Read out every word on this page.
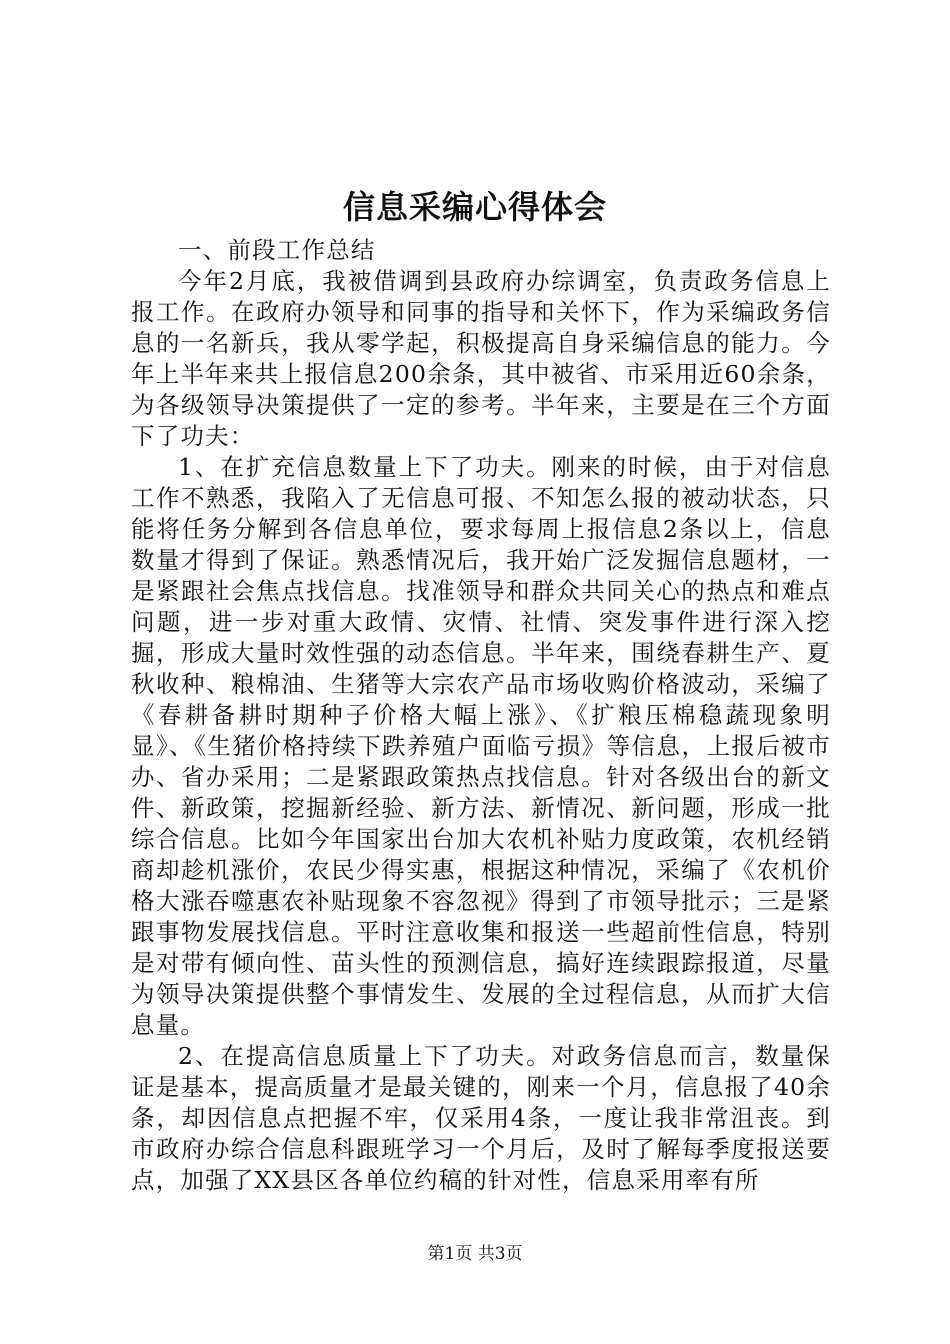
信息采编心得体会

一、前段工作总结

今年2月底，我被借调到县政府办综调室，负责政务信息上报工作。在政府办领导和同事的指导和关怀下，作为采编政务信息的一名新兵，我从零学起，积极提高自身采编信息的能力。今年上半年来共上报信息200余条，其中被省、市采用近60余条，为各级领导决策提供了一定的参考。半年来，主要是在三个方面下了功夫：

1、在扩充信息数量上下了功夫。刚来的时候，由于对信息工作不熟悉，我陷入了无信息可报、不知怎么报的被动状态，只能将任务分解到各信息单位，要求每周上报信息2条以上，信息数量才得到了保证。熟悉情况后，我开始广泛发掘信息题材，一是紧跟社会焦点找信息。找准领导和群众共同关心的热点和难点问题，进一步对重大政情、灾情、社情、突发事件进行深入挖掘，形成大量时效性强的动态信息。半年来，围绕春耕生产、夏秋收种、粮棉油、生猪等大宗农产品市场收购价格波动，采编了《春耕备耕时期种子价格大幅上涨》、《扩粮压棉稳蔬现象明显》、《生猪价格持续下跌养殖户面临亏损》等信息，上报后被市办、省办采用；二是紧跟政策热点找信息。针对各级出台的新文件、新政策，挖掘新经验、新方法、新情况、新问题，形成一批综合信息。比如今年国家出台加大农机补贴力度政策，农机经销商却趁机涨价，农民少得实惠，根据这种情况，采编了《农机价格大涨吞噬惠农补贴现象不容忽视》得到了市领导批示；三是紧跟事物发展找信息。平时注意收集和报送一些超前性信息，特别是对带有倾向性、苗头性的预测信息，搞好连续跟踪报道，尽量为领导决策提供整个事情发生、发展的全过程信息，从而扩大信息量。

2、在提高信息质量上下了功夫。对政务信息而言，数量保证是基本，提高质量才是最关键的，刚来一个月，信息报了40余条，却因信息点把握不牢，仅采用4条，一度让我非常沮丧。到市政府办综合信息科跟班学习一个月后，及时了解每季度报送要点，加强了XX县区各单位约稿的针对性，信息采用率有所

第1页 共3页
